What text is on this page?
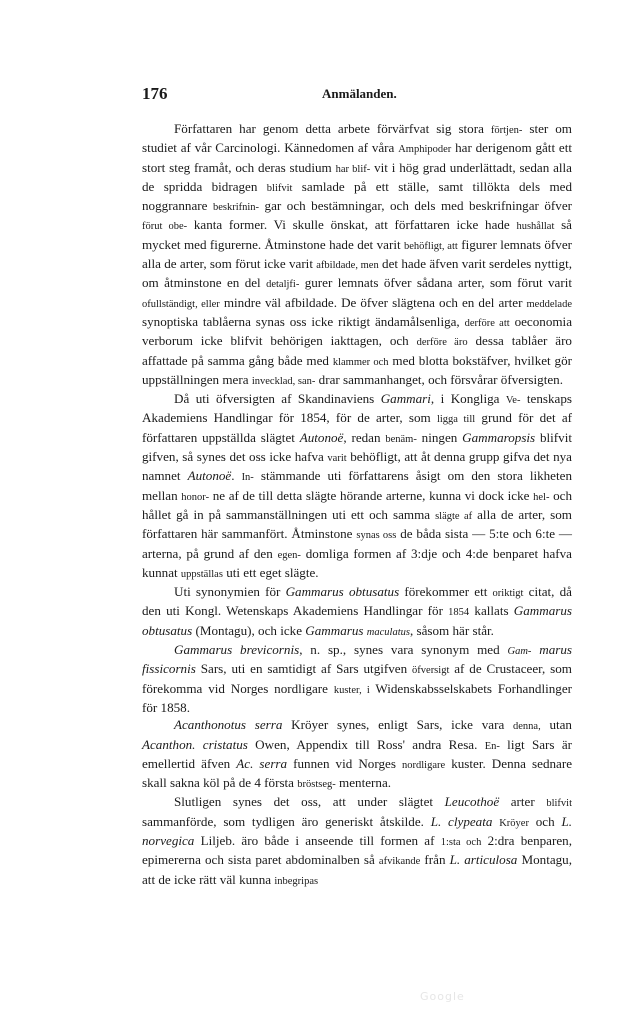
176	Anmälanden.

Författaren har genom detta arbete förvärfvat sig stora förtjen- ster om studiet af vår Carcinologi. Kännedomen af våra Amphipoder har derigenom gått ett stort steg framåt, och deras studium har blif- vit i hög grad underlättadt, sedan alla de spridda bidragen blifvit samlade på ett ställe, samt tillökta dels med noggrannare beskrifnin- gar och bestämningar, och dels med beskrifningar öfver förut obe- kanta former. Vi skulle önskat, att författaren icke hade hushållat så mycket med figurerne. Åtminstone hade det varit behöfligt, att figurer lemnats öfver alla de arter, som förut icke varit afbildade, men det hade äfven varit serdeles nyttigt, om åtminstone en del detaljfi- gurer lemnats öfver sådana arter, som förut varit ofullständigt, eller mindre väl afbildade. De öfver slägtena och en del arter meddelade synoptiska tablåerna synas oss icke riktigt ändamålsenliga, derföre att oeconomia verborum icke blifvit behörigen iakttagen, och derföre äro dessa tablåer äro affattade på samma gång både med klammer och med blotta bokstäfver, hvilket gör uppställningen mera invecklad, san- drar sammanhanget, och försvårar öfversigten.

Då uti öfversigten af Skandinaviens Gammari, i Kongliga Ve- tenskaps Akademiens Handlingar för 1854, för de arter, som ligga till grund för det af författaren uppställda slägtet Autonoë, redan benäm- ningen Gammaropsis blifvit gifven, så synes det oss icke hafva varit behöfligt, att åt denna grupp gifva det nya namnet Autonoë. In- stämmande uti författarens åsigt om den stora likheten mellan honor- ne af de till detta slägte hörande arterne, kunna vi dock icke hel- och hållet gå in på sammanställningen uti ett och samma slägte af alla de arter, som författaren här sammanfört. Åtminstone synas oss de båda sista — 5:te och 6:te — arterna, på grund af den egen- domliga formen af 3:dje och 4:de benparet hafva kunnat uppställas uti ett eget slägte.

Uti synonymien för Gammarus obtusatus förekommer ett oriktigt citat, då den uti Kongl. Wetenskaps Akademiens Handlingar för 1854 kallats Gammarus obtusatus (Montagu), och icke Gammarus maculatus, såsom här står.

Gammarus brevicornis, n. sp., synes vara synonym med Gam- marus fissicornis Sars, uti en samtidigt af Sars utgifven öfversigt af de Crustaceer, som förekomma vid Norges nordligare kuster, i Widenskabsselskabets Forhandlinger för 1858.

Acanthonotus serra Kröyer synes, enligt Sars, icke vara denna, utan Acanthon. cristatus Owen, Appendix till Ross' andra Resa. En- ligt Sars är emellertid äfven Ac. serra funnen vid Norges nordligare kuster. Denna sednare skall sakna köl på de 4 första bröstseg- menterna.

Slutligen synes det oss, att under slägtet Leucothoë arter blifvit sammanförde, som tydligen äro generiskt åtskilde. L. clypeata Kröyer och L. norvegica Liljeb. äro både i anseende till formen af 1:sta och 2:dra benparen, epimererna och sista paret abdominalben så afvikande från L. articulosa Montagu, att de icke rätt väl kunna inbegripas

Google
